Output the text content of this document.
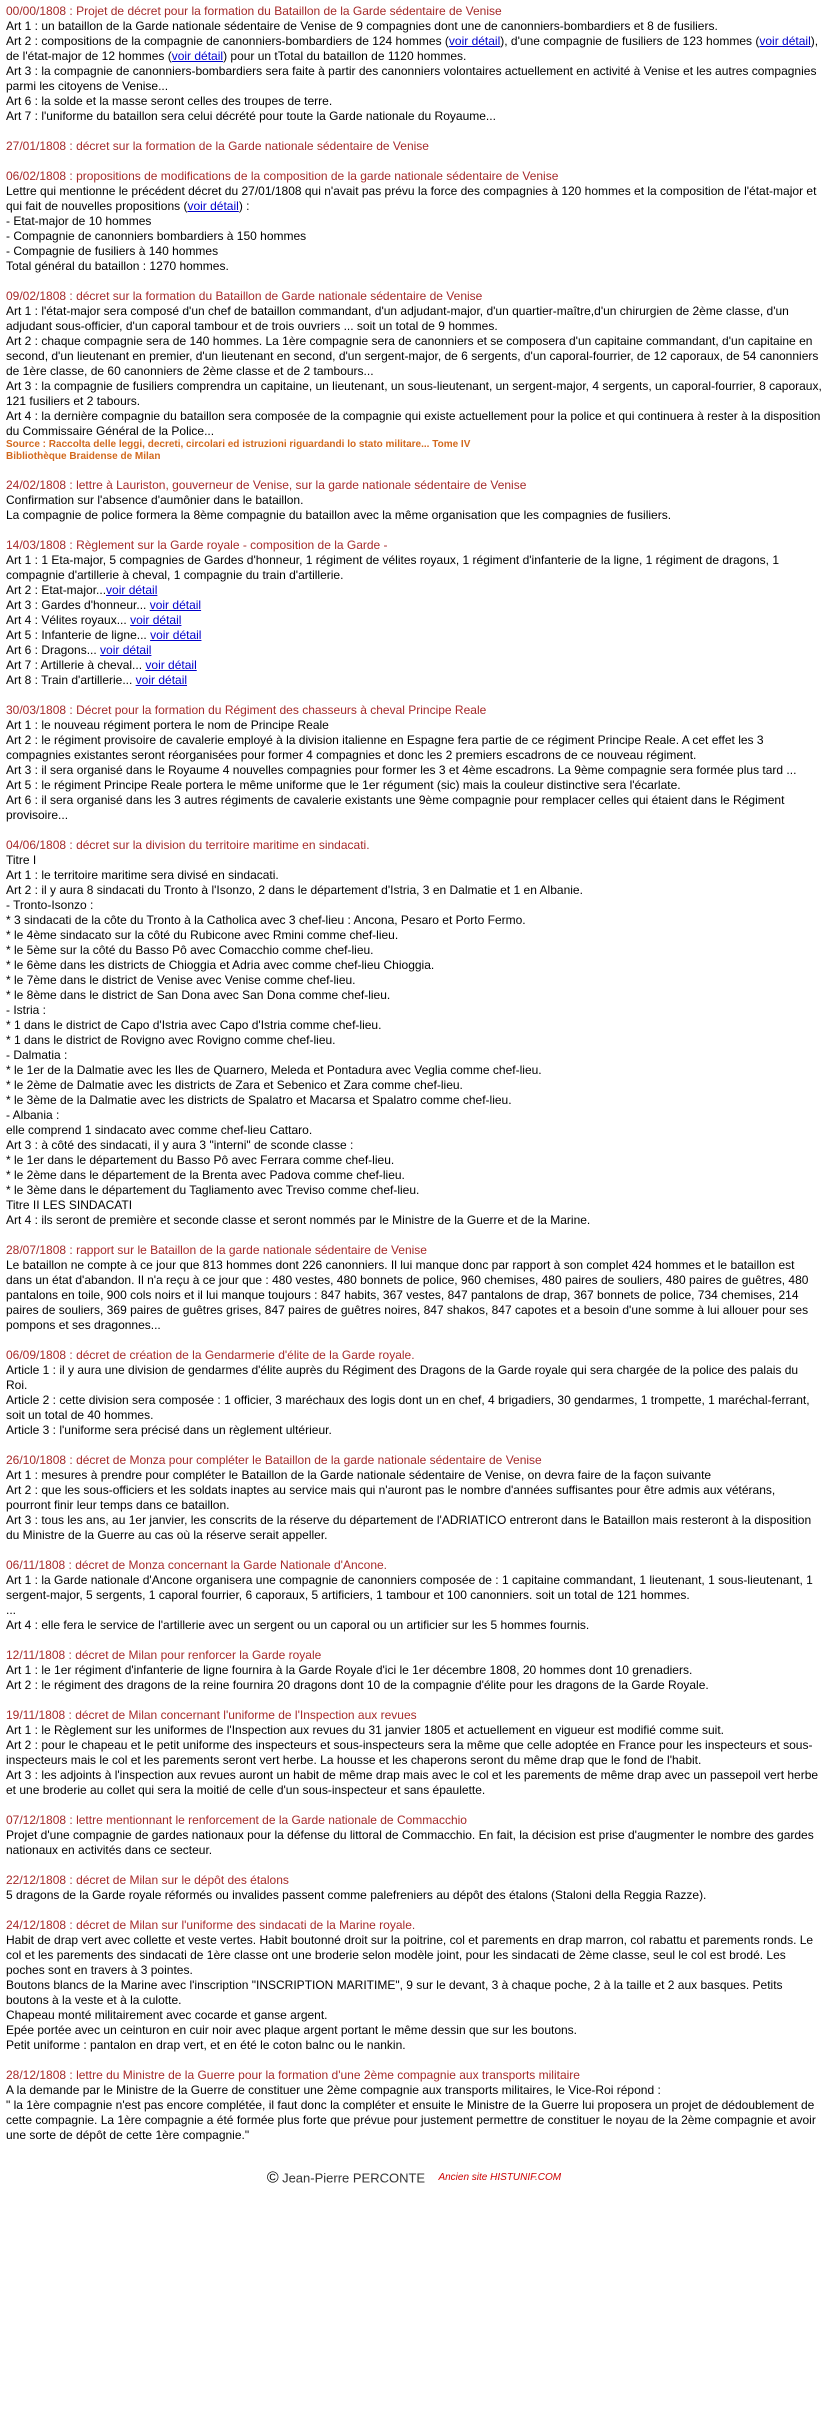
00/00/1808 : Projet de décret pour la formation du Bataillon de la Garde sédentaire de Venise
Art 1 : un bataillon de la Garde nationale sédentaire de Venise de 9 compagnies dont une de canonniers-bombardiers et 8 de fusiliers.
Art 2 : compositions de la compagnie de canonniers-bombardiers de 124 hommes (voir détail), d'une compagnie de fusiliers de 123 hommes (voir détail), de l'état-major de 12 hommes (voir détail) pour un tTotal du bataillon de 1120 hommes.
Art 3 : la compagnie de canonniers-bombardiers sera faite à partir des canonniers volontaires actuellement en activité à Venise et les autres compagnies parmi les citoyens de Venise...
Art 6 : la solde et la masse seront celles des troupes de terre.
Art 7 : l'uniforme du bataillon sera celui décrété pour toute la Garde nationale du Royaume...
27/01/1808 : décret sur la formation de la Garde nationale sédentaire de Venise
06/02/1808 : propositions de modifications de la composition de la garde nationale sédentaire de Venise
Lettre qui mentionne le précédent décret du 27/01/1808 qui n'avait pas prévu la force des compagnies à 120 hommes et la composition de l'état-major et qui fait de nouvelles propositions (voir détail) :
- Etat-major de 10 hommes
- Compagnie de canonniers bombardiers à 150 hommes
- Compagnie de fusiliers à 140 hommes
Total général du bataillon : 1270 hommes.
09/02/1808 : décret sur la formation du Bataillon de Garde nationale sédentaire de Venise
Art 1 : l'état-major sera composé d'un chef de bataillon commandant, d'un adjudant-major, d'un quartier-maître,d'un chirurgien de 2ème classe, d'un adjudant sous-officier, d'un caporal tambour et de trois ouvriers ... soit un total de 9 hommes.
Art 2 : chaque compagnie sera de 140 hommes. La 1ère compagnie sera de canonniers et se composera d'un capitaine commandant, d'un capitaine en second, d'un lieutenant en premier, d'un lieutenant en second, d'un sergent-major, de 6 sergents, d'un caporal-fourrier, de 12 caporaux, de 54 canonniers de 1ère classe, de 60 canonniers de 2ème classe et de 2 tambours...
Art 3 : la compagnie de fusiliers comprendra un capitaine, un lieutenant, un sous-lieutenant, un sergent-major, 4 sergents, un caporal-fourrier, 8 caporaux, 121 fusiliers et 2 tabours.
Art 4 : la dernière compagnie du bataillon sera composée de la compagnie qui existe actuellement pour la police et qui continuera à rester à la disposition du Commissaire Général de la Police...
Source : Raccolta delle leggi, decreti, circolari ed istruzioni riguardandi lo stato militare... Tome IV
Bibliothèque Braidense de Milan
24/02/1808 : lettre à Lauriston, gouverneur de Venise, sur la garde nationale sédentaire de Venise
Confirmation sur l'absence d'aumônier dans le bataillon.
La compagnie de police formera la 8ème compagnie du bataillon avec la même organisation que les compagnies de fusiliers.
14/03/1808 : Règlement sur la Garde royale - composition de la Garde -
Art 1 : 1 Eta-major, 5 compagnies de Gardes d'honneur, 1 régiment de vélites royaux, 1 régiment d'infanterie de la ligne, 1 régiment de dragons, 1 compagnie d'artillerie à cheval, 1 compagnie du train d'artillerie.
Art 2 : Etat-major...voir détail
Art 3 : Gardes d'honneur... voir détail
Art 4 : Vélites royaux... voir détail
Art 5 : Infanterie de ligne... voir détail
Art 6 : Dragons... voir détail
Art 7 : Artillerie à cheval... voir détail
Art 8 : Train d'artillerie... voir détail
30/03/1808 : Décret pour la formation du Régiment des chasseurs à cheval Principe Reale
Art 1 : le nouveau régiment portera le nom de Principe Reale
Art 2 : le régiment provisoire de cavalerie employé à la division italienne en Espagne fera partie de ce régiment Principe Reale. A cet effet les 3 compagnies existantes seront réorganisées pour former 4 compagnies et donc les 2 premiers escadrons de ce nouveau régiment.
Art 3 : il sera organisé dans le Royaume 4 nouvelles compagnies pour former les 3 et 4ème escadrons. La 9ème compagnie sera formée plus tard ...
Art 5 : le régiment Principe Reale portera le même uniforme que le 1er régument (sic) mais la couleur distinctive sera l'écarlate.
Art 6 : il sera organisé dans les 3 autres régiments de cavalerie existants une 9ème compagnie pour remplacer celles qui étaient dans le Régiment provisoire...
04/06/1808 : décret sur la division du territoire maritime en sindacati.
Titre I
Art 1 : le territoire maritime sera divisé en sindacati.
Art 2 : il y aura 8 sindacati du Tronto à l'Isonzo, 2 dans le département d'Istria, 3 en Dalmatie et 1 en Albanie.
- Tronto-Isonzo :
* 3 sindacati de la côte du Tronto à la Catholica avec 3 chef-lieu : Ancona, Pesaro et Porto Fermo.
* le 4ème sindacato sur la côté du Rubicone avec Rmini comme chef-lieu.
* le 5ème sur la côté du Basso Pô avec Comacchio comme chef-lieu.
* le 6ème dans les districts de Chioggia et Adria avec comme chef-lieu Chioggia.
* le 7ème dans le district de Venise avec Venise comme chef-lieu.
* le 8ème dans le district de San Dona avec San Dona comme chef-lieu.
- Istria :
* 1 dans le district de Capo d'Istria avec Capo d'Istria comme chef-lieu.
* 1 dans le district de Rovigno avec Rovigno comme chef-lieu.
- Dalmatia :
* le 1er de la Dalmatie avec les Iles de Quarnero, Meleda et Pontadura avec Veglia comme chef-lieu.
* le 2ème de Dalmatie avec les districts de Zara et Sebenico et Zara comme chef-lieu.
* le 3ème de la Dalmatie avec les districts de Spalatro et Macarsa et Spalatro comme chef-lieu.
- Albania :
elle comprend 1 sindacato avec comme chef-lieu Cattaro.
Art 3 : à côté des sindacati, il y aura 3 "interni" de sconde classe :
* le 1er dans le département du Basso Pô avec Ferrara comme chef-lieu.
* le 2ème dans le département de la Brenta avec Padova comme chef-lieu.
* le 3ème dans le département du Tagliamento avec Treviso comme chef-lieu.
Titre II LES SINDACATI
Art 4 : ils seront de première et seconde classe et seront nommés par le Ministre de la Guerre et de la Marine.
28/07/1808 : rapport sur le Bataillon de la garde nationale sédentaire de Venise
Le bataillon ne compte à ce jour que 813 hommes dont 226 canonniers. Il lui manque donc par rapport à son complet 424 hommes et le bataillon est dans un état d'abandon. Il n'a reçu à ce jour que : 480 vestes, 480 bonnets de police, 960 chemises, 480 paires de souliers, 480 paires de guêtres, 480 pantalons en toile, 900 cols noirs et il lui manque toujours : 847 habits, 367 vestes, 847 pantalons de drap, 367 bonnets de police, 734 chemises, 214 paires de souliers, 369 paires de guêtres grises, 847 paires de guêtres noires, 847 shakos, 847 capotes et a besoin d'une somme à lui allouer pour ses pompons et ses dragonnes...
06/09/1808 : décret de création de la Gendarmerie d'élite de la Garde royale.
Article 1 : il y aura une division de gendarmes d'élite auprès du Régiment des Dragons de la Garde royale qui sera chargée de la police des palais du Roi.
Article 2 : cette division sera composée : 1 officier, 3 maréchaux des logis dont un en chef, 4 brigadiers, 30 gendarmes, 1 trompette, 1 maréchal-ferrant, soit un total de 40 hommes.
Article 3 : l'uniforme sera précisé dans un règlement ultérieur.
26/10/1808 : décret de Monza pour compléter le Bataillon de la garde nationale sédentaire de Venise
Art 1 : mesures à prendre pour compléter le Bataillon de la Garde nationale sédentaire de Venise, on devra faire de la façon suivante
Art 2 : que les sous-officiers et les soldats inaptes au service mais qui n'auront pas le nombre d'années suffisantes pour être admis aux vétérans, pourront finir leur temps dans ce bataillon.
Art 3 : tous les ans, au 1er janvier, les conscrits de la réserve du département de l'ADRIATICO entreront dans le Bataillon mais resteront à la disposition du Ministre de la Guerre au cas où la réserve serait appeller.
06/11/1808 : décret de Monza concernant la Garde Nationale d'Ancone.
Art 1 : la Garde nationale d'Ancone organisera une compagnie de canonniers composée de : 1 capitaine commandant, 1 lieutenant, 1 sous-lieutenant, 1 sergent-major, 5 sergents, 1 caporal fourrier, 6 caporaux, 5 artificiers, 1 tambour et 100 canonniers. soit un total de 121 hommes.
...
Art 4 : elle fera le service de l'artillerie avec un sergent ou un caporal ou un artificier sur les 5 hommes fournis.
12/11/1808 : décret de Milan pour renforcer la Garde royale
Art 1 : le 1er régiment d'infanterie de ligne fournira à la Garde Royale d'ici le 1er décembre 1808, 20 hommes dont 10 grenadiers.
Art 2 : le régiment des dragons de la reine fournira 20 dragons dont 10 de la compagnie d'élite pour les dragons de la Garde Royale.
19/11/1808 : décret de Milan concernant l'uniforme de l'Inspection aux revues
Art 1 : le Règlement sur les uniformes de l'Inspection aux revues du 31 janvier 1805 et actuellement en vigueur est modifié comme suit.
Art 2 : pour le chapeau et le petit uniforme des inspecteurs et sous-inspecteurs sera la même que celle adoptée en France pour les inspecteurs et sous-inspecteurs mais le col et les parements seront vert herbe. La housse et les chaperons seront du même drap que le fond de l'habit.
Art 3 : les adjoints à l'inspection aux revues auront un habit de même drap mais avec le col et les parements de même drap avec un passepoil vert herbe et une broderie au collet qui sera la moitié de celle d'un sous-inspecteur et sans épaulette.
07/12/1808 : lettre mentionnant le renforcement de la Garde nationale de Commacchio
Projet d'une compagnie de gardes nationaux pour la défense du littoral de Commacchio. En fait, la décision est prise d'augmenter le nombre des gardes nationaux en activités dans ce secteur.
22/12/1808 : décret de Milan sur le dépôt des étalons
5 dragons de la Garde royale réformés ou invalides passent comme palefreniers au dépôt des étalons (Staloni della Reggia Razze).
24/12/1808 : décret de Milan sur l'uniforme des sindacati de la Marine royale.
Habit de drap vert avec collette et veste vertes. Habit boutonné droit sur la poitrine, col et parements en drap marron, col rabattu et parements ronds. Le col et les parements des sindacati de 1ère classe ont une broderie selon modèle joint, pour les sindacati de 2ème classe, seul le col est brodé. Les poches sont en travers à 3 pointes.
Boutons blancs de la Marine avec l'inscription "INSCRIPTION MARITIME", 9 sur le devant, 3 à chaque poche, 2 à la taille et 2 aux basques. Petits boutons à la veste et à la culotte.
Chapeau monté militairement avec cocarde et ganse argent.
Epée portée avec un ceinturon en cuir noir avec plaque argent portant le même dessin que sur les boutons.
Petit uniforme : pantalon en drap vert, et en été le coton balnc ou le nankin.
28/12/1808 : lettre du Ministre de la Guerre pour la formation d'une 2ème compagnie aux transports militaire
A la demande par le Ministre de la Guerre de constituer une 2ème compagnie aux transports militaires, le Vice-Roi répond :
" la 1ère compagnie n'est pas encore complétée, il faut donc la compléter et ensuite le Ministre de la Guerre lui proposera un projet de dédoublement de cette compagnie. La 1ère compagnie a été formée plus forte que prévue pour justement permettre de constituer le noyau de la 2ème compagnie et avoir une sorte de dépôt de cette 1ère compagnie."
© Jean-Pierre PERCONTE Ancien site HISTUNIF.COM
